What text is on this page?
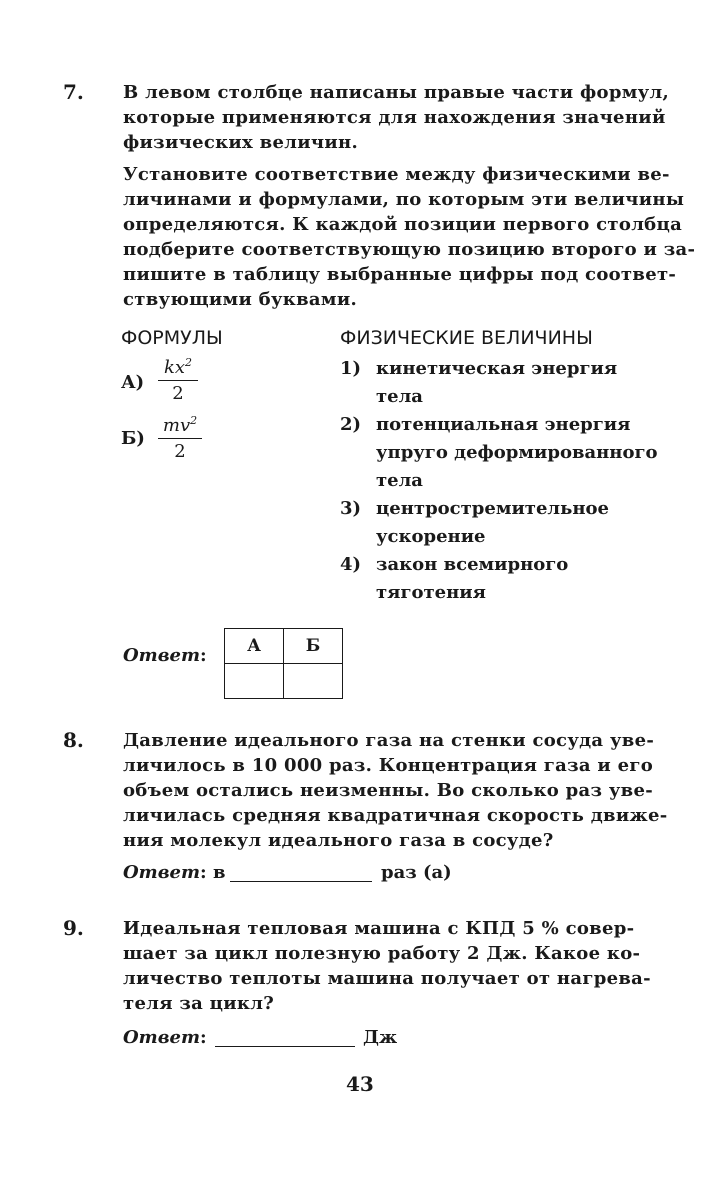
7. В левом столбце написаны правые части формул,
которые применяются для нахождения значений
физических величин.
Установите соответствие между физическими ве-
личинами и формулами, по которым эти величины
определяются. К каждой позиции первого столбца
подберите соответствующую позицию второго и за-
пишите в таблицу выбранные цифры под соответ-
ствующими буквами.
ФОРМУЛЫ	ФИЗИЧЕСКИЕ ВЕЛИЧИНЫ
А)
$kx^2$
2
Б)
$mv^2$
2
1) кинетическая энергия
тела
2) потенциальная энергия
упруго деформированного
тела
3) центростремительное
ускорение
4) закон всемирного
тяготения
Ответ: А	Б

8. Давление идеального газа на стенки сосуда уве-
личилось в 10 000 раз. Концентрация газа и его
объем остались неизменны. Во сколько раз уве-
личилась средняя квадратичная скорость движе-
ния молекул идеального газа в сосуде?
Ответ: в	раз (а)
9. Идеальная тепловая машина с КПД 5 % совер-
шает за цикл полезную работу 2 Дж. Какое ко-
личество теплоты машина получает от нагрева-
теля за цикл?
Ответ:	Дж
43
